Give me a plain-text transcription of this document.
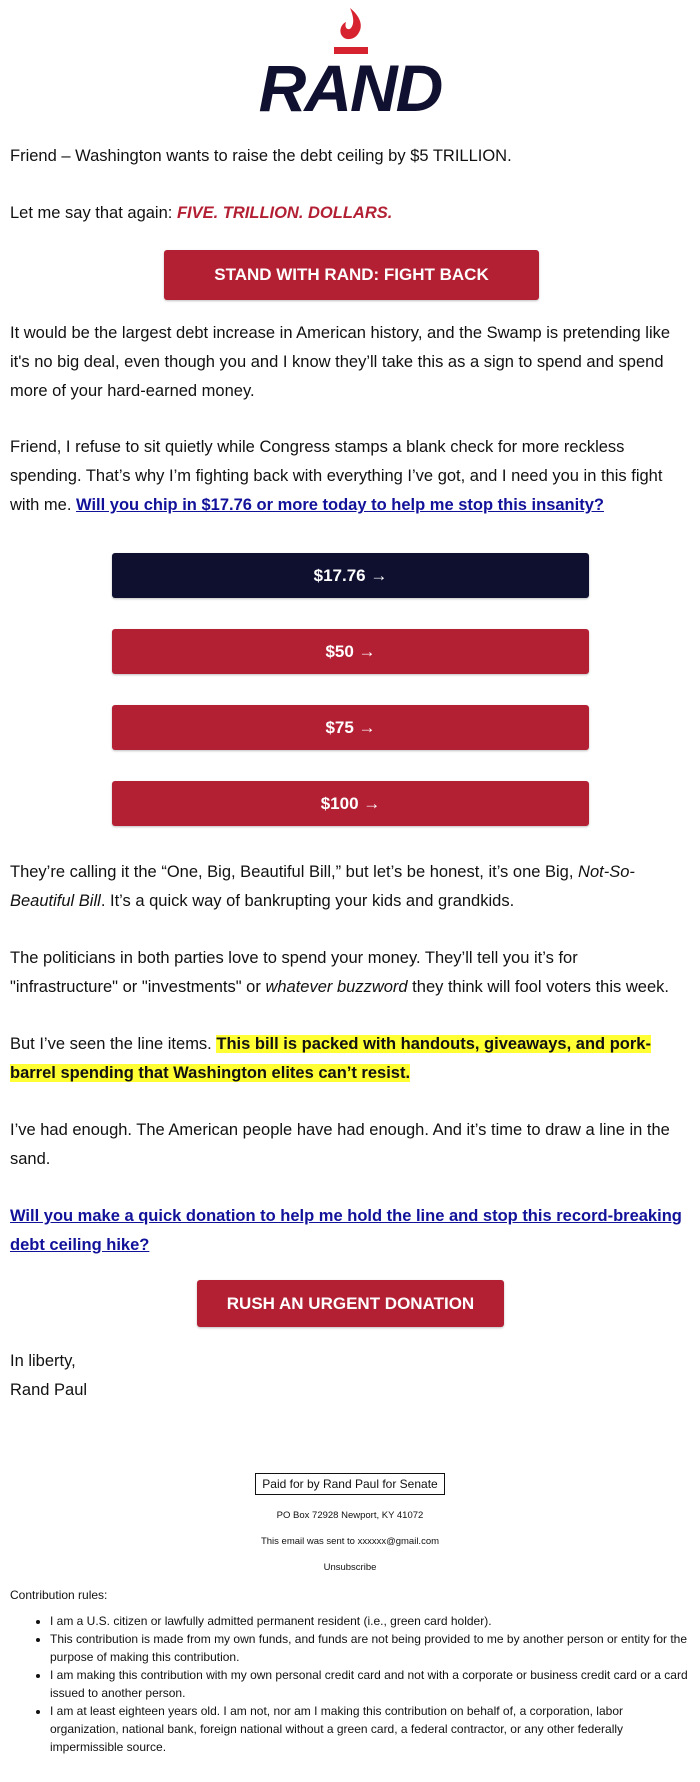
RAND

Friend – Washington wants to raise the debt ceiling by $5 TRILLION.

Let me say that again: FIVE. TRILLION. DOLLARS.

STAND WITH RAND: FIGHT BACK

It would be the largest debt increase in American history, and the Swamp is pretending like it's no big deal, even though you and I know they’ll take this as a sign to spend and spend more of your hard-earned money.

Friend, I refuse to sit quietly while Congress stamps a blank check for more reckless spending. That’s why I’m fighting back with everything I’ve got, and I need you in this fight with me. Will you chip in $17.76 or more today to help me stop this insanity?

$17.76 →
$50 →
$75 →
$100 →

They’re calling it the “One, Big, Beautiful Bill,” but let’s be honest, it’s one Big, Not-So-Beautiful Bill. It’s a quick way of bankrupting your kids and grandkids.

The politicians in both parties love to spend your money. They’ll tell you it’s for "infrastructure" or "investments" or whatever buzzword they think will fool voters this week.

But I’ve seen the line items. This bill is packed with handouts, giveaways, and pork-barrel spending that Washington elites can’t resist.

I’ve had enough. The American people have had enough. And it’s time to draw a line in the sand.

Will you make a quick donation to help me hold the line and stop this record-breaking debt ceiling hike?

RUSH AN URGENT DONATION

In liberty,

Rand Paul

Paid for by Rand Paul for Senate
PO Box 72928 Newport, KY 41072
This email was sent to xxxxxx@gmail.com
Unsubscribe
Contribution rules:
• I am a U.S. citizen or lawfully admitted permanent resident (i.e., green card holder).
• This contribution is made from my own funds, and funds are not being provided to me by another person or entity for the purpose of making this contribution.
• I am making this contribution with my own personal credit card and not with a corporate or business credit card or a card issued to another person.
• I am at least eighteen years old. I am not, nor am I making this contribution on behalf of, a corporation, labor organization, national bank, foreign national without a green card, a federal contractor, or any other federally impermissible source.
